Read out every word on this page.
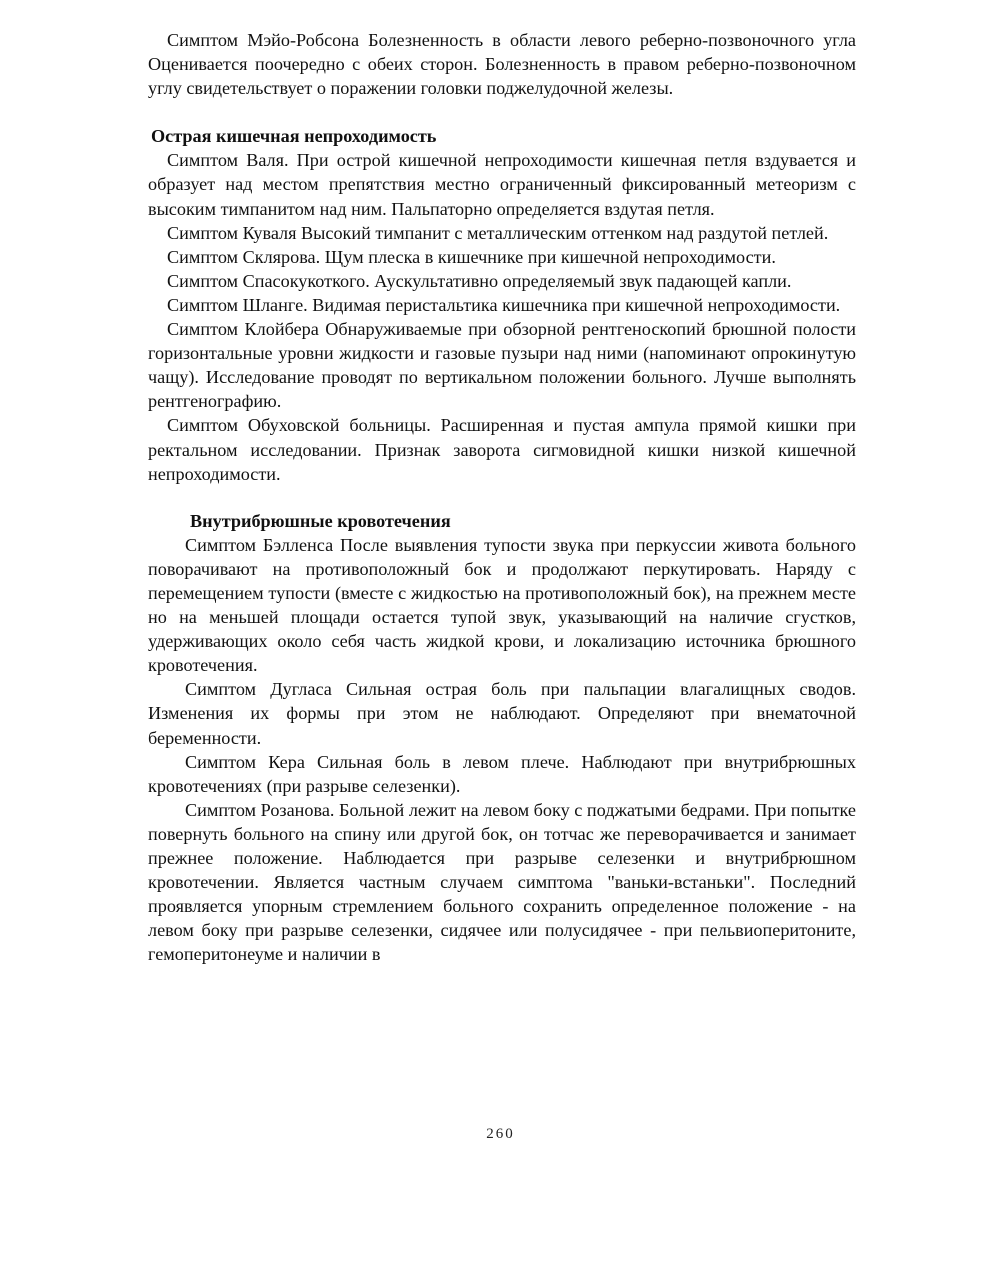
Симптом Мэйо-Робсона Болезненность в области левого реберно-позвоночного угла Оценивается поочередно с обеих сторон. Болезненность в правом реберно-позвоночном углу свидетельствует о поражении головки поджелудочной железы.

Острая кишечная непроходимость

Симптом Валя. При острой кишечной непроходимости кишечная петля вздувается и образует над местом препятствия местно ограниченный фиксированный метеоризм с высоким тимпанитом над ним. Пальпаторно определяется вздутая петля.

Симптом Куваля Высокий тимпанит с металлическим оттенком над раздутой петлей.

Симптом Склярова. Щум плеска в кишечнике при кишечной непроходимости.

Симптом Спасокукоткого. Аускультативно определяемый звук падающей капли.

Симптом Шланге. Видимая перистальтика кишечника при кишечной непроходимости.

Симптом Клойбера Обнаруживаемые при обзорной рентгеноскопий брюшной полости горизонтальные уровни жидкости и газовые пузыри над ними (напоминают опрокинутую чащу). Исследование проводят по вертикальном положении больного. Лучше выполнять рентгенографию.

Симптом Обуховской больницы. Расширенная и пустая ампула прямой кишки при ректальном исследовании. Признак заворота сигмовидной кишки низкой кишечной непроходимости.

Внутрибрюшные кровотечения

Симптом Бэлленса После выявления тупости звука при перкуссии живота больного поворачивают на противоположный бок и продолжают перкутировать. Наряду с перемещением тупости (вместе с жидкостью на противоположный бок), на прежнем месте но на меньшей площади остается тупой звук, указывающий на наличие сгустков, удерживающих около себя часть жидкой крови, и локализацию источника брюшного кровотечения.

Симптом Дугласа Сильная острая боль при пальпации влагалищных сводов. Изменения их формы при этом не наблюдают. Определяют при внематочной беременности.

Симптом Кера Сильная боль в левом плече. Наблюдают при внутрибрюшных кровотечениях (при разрыве селезенки).

Симптом Розанова. Больной лежит на левом боку с поджатыми бедрами. При попытке повернуть больного на спину или другой бок, он тотчас же переворачивается и занимает прежнее положение. Наблюдается при разрыве селезенки и внутрибрюшном кровотечении. Является частным случаем симптома "ваньки-встаньки". Последний проявляется упорным стремлением больного сохранить определенное положение - на левом боку при разрыве селезенки, сидячее или полусидячее - при пельвиоперитоните, гемоперитонеуме и наличии в

260
